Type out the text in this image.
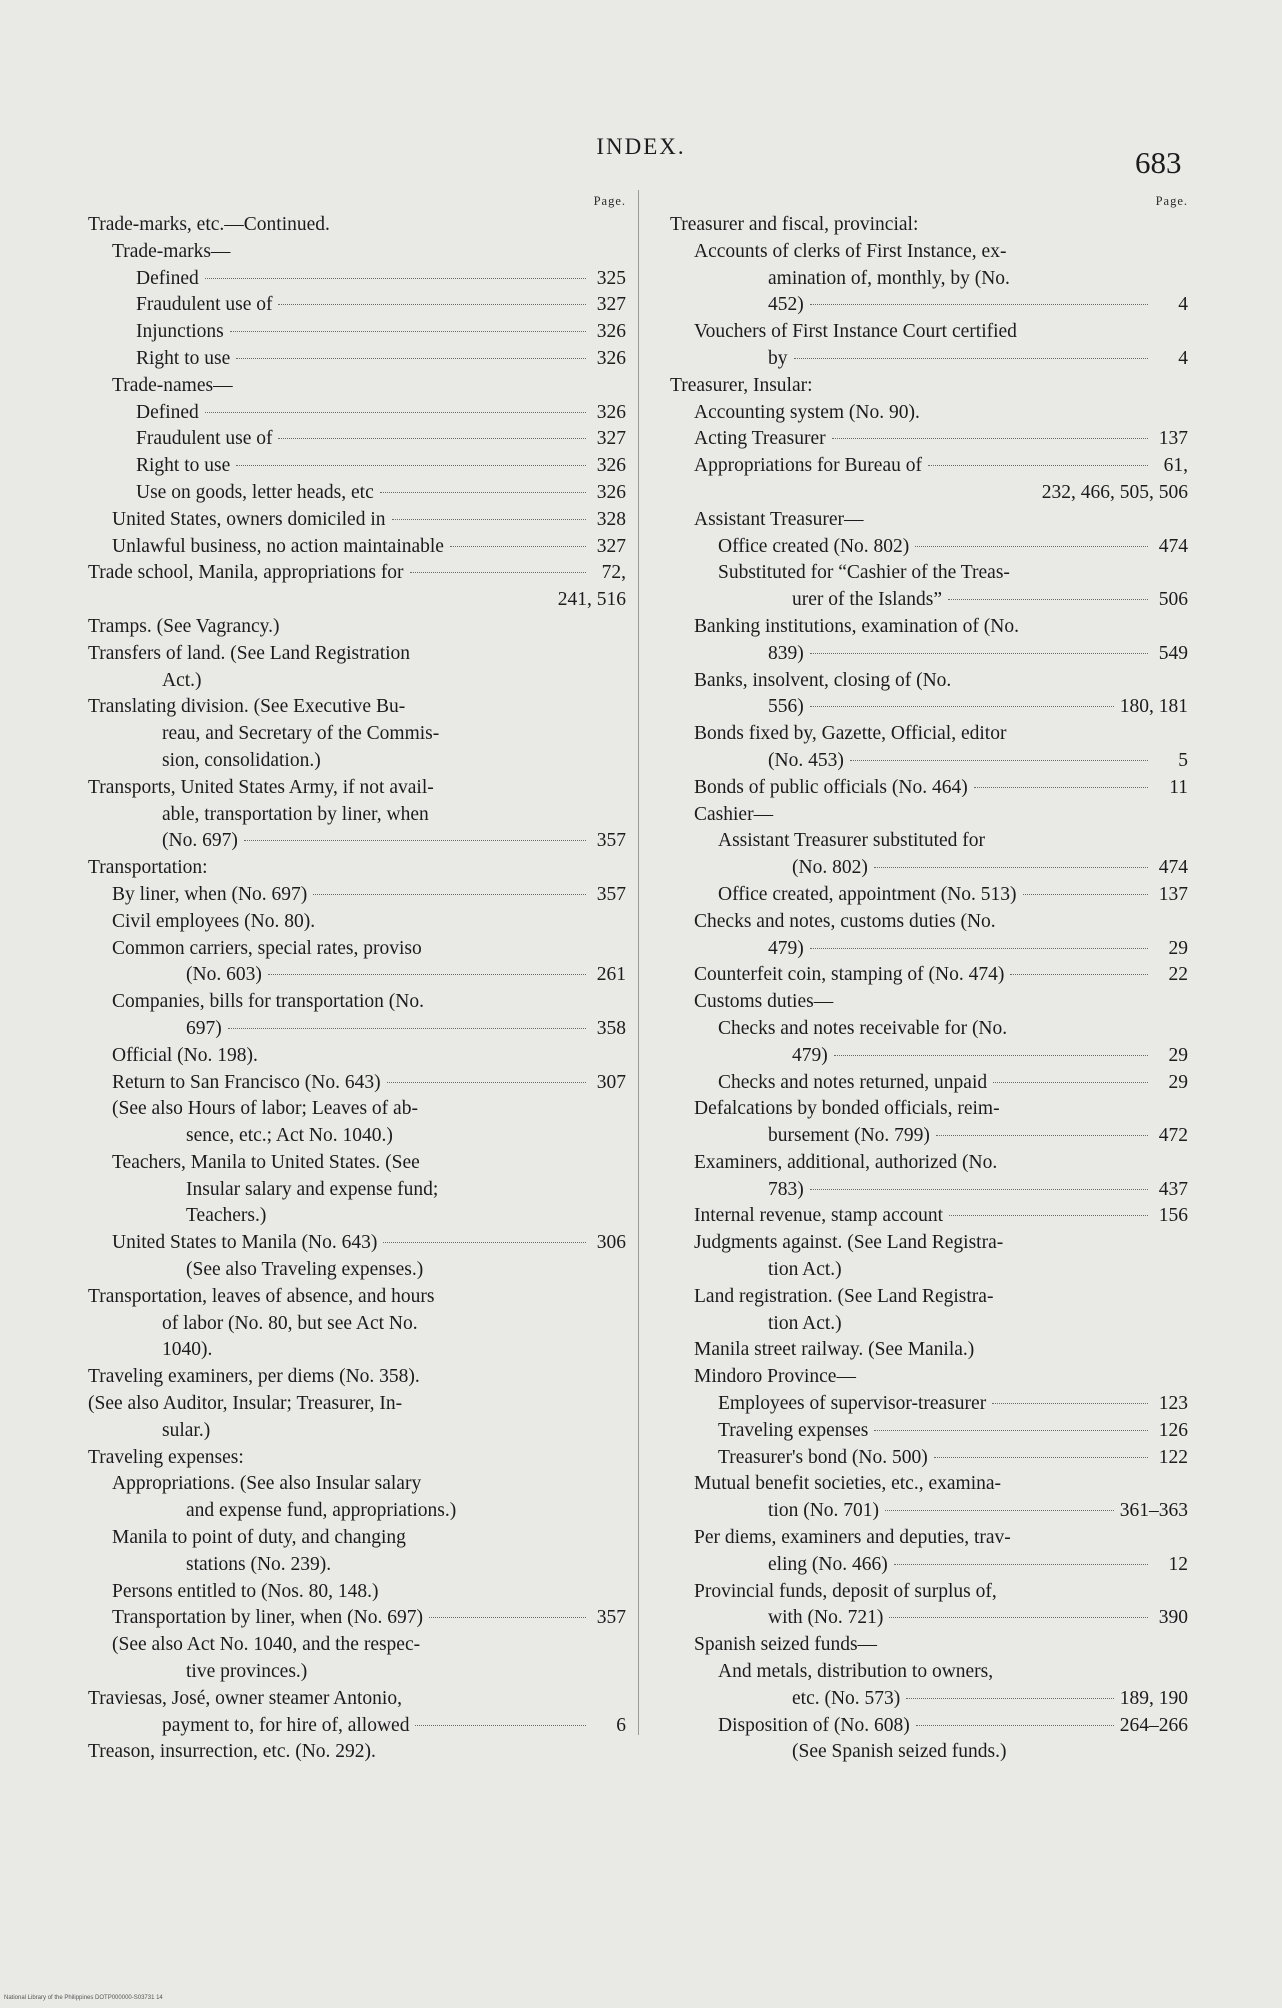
INDEX.	683
Page.
Trade-marks, etc.—Continued.
Trade-marks—
Defined	325
Fraudulent use of	327
Injunctions	326
Right to use	326
Trade-names—
Defined	326
Fraudulent use of	327
Right to use	326
Use on goods, letter heads, etc	326
United States, owners domiciled in	328
Unlawful business, no action maintainable	327
Trade school, Manila, appropriations for	72,
241, 516
Tramps. (See Vagrancy.)
Transfers of land. (See Land Registration
Act.)
Translating division. (See Executive Bu-
reau, and Secretary of the Commis-
sion, consolidation.)
Transports, United States Army, if not avail-
able, transportation by liner, when
(No. 697)	357
Transportation:
By liner, when (No. 697)	357
Civil employees (No. 80).
Common carriers, special rates, proviso
(No. 603)	261
Companies, bills for transportation (No.
697)	358
Official (No. 198).
Return to San Francisco (No. 643)	307
(See also Hours of labor; Leaves of ab-
sence, etc.; Act No. 1040.)
Teachers, Manila to United States. (See
Insular salary and expense fund;
Teachers.)
United States to Manila (No. 643)	306
(See also Traveling expenses.)
Transportation, leaves of absence, and hours
of labor (No. 80, but see Act No.
1040).
Traveling examiners, per diems (No. 358).
(See also Auditor, Insular; Treasurer, In-
sular.)
Traveling expenses:
Appropriations. (See also Insular salary
and expense fund, appropriations.)
Manila to point of duty, and changing
stations (No. 239).
Persons entitled to (Nos. 80, 148.)
Transportation by liner, when (No. 697)	357
(See also Act No. 1040, and the respec-
tive provinces.)
Traviesas, José, owner steamer Antonio,
payment to, for hire of, allowed	6
Treason, insurrection, etc. (No. 292).
Page.
Treasurer and fiscal, provincial:
Accounts of clerks of First Instance, ex-
amination of, monthly, by (No.
452)	4
Vouchers of First Instance Court certified
by	4
Treasurer, Insular:
Accounting system (No. 90).
Acting Treasurer	137
Appropriations for Bureau of	61,
232, 466, 505, 506
Assistant Treasurer—
Office created (No. 802)	474
Substituted for “Cashier of the Treas-
urer of the Islands”	506
Banking institutions, examination of (No.
839)	549
Banks, insolvent, closing of (No.
556)	180, 181
Bonds fixed by, Gazette, Official, editor
(No. 453)	5
Bonds of public officials (No. 464)	11
Cashier—
Assistant Treasurer substituted for
(No. 802)	474
Office created, appointment (No. 513)	137
Checks and notes, customs duties (No.
479)	29
Counterfeit coin, stamping of (No. 474)	22
Customs duties—
Checks and notes receivable for (No.
479)	29
Checks and notes returned, unpaid	29
Defalcations by bonded officials, reim-
bursement (No. 799)	472
Examiners, additional, authorized (No.
783)	437
Internal revenue, stamp account	156
Judgments against. (See Land Registra-
tion Act.)
Land registration. (See Land Registra-
tion Act.)
Manila street railway. (See Manila.)
Mindoro Province—
Employees of supervisor-treasurer	123
Traveling expenses	126
Treasurer's bond (No. 500)	122
Mutual benefit societies, etc., examina-
tion (No. 701)	361–363
Per diems, examiners and deputies, trav-
eling (No. 466)	12
Provincial funds, deposit of surplus of,
with (No. 721)	390
Spanish seized funds—
And metals, distribution to owners,
etc. (No. 573)	189, 190
Disposition of (No. 608)	264–266
(See Spanish seized funds.)
National Library of the Philippines DOTP000000-S03731 14
